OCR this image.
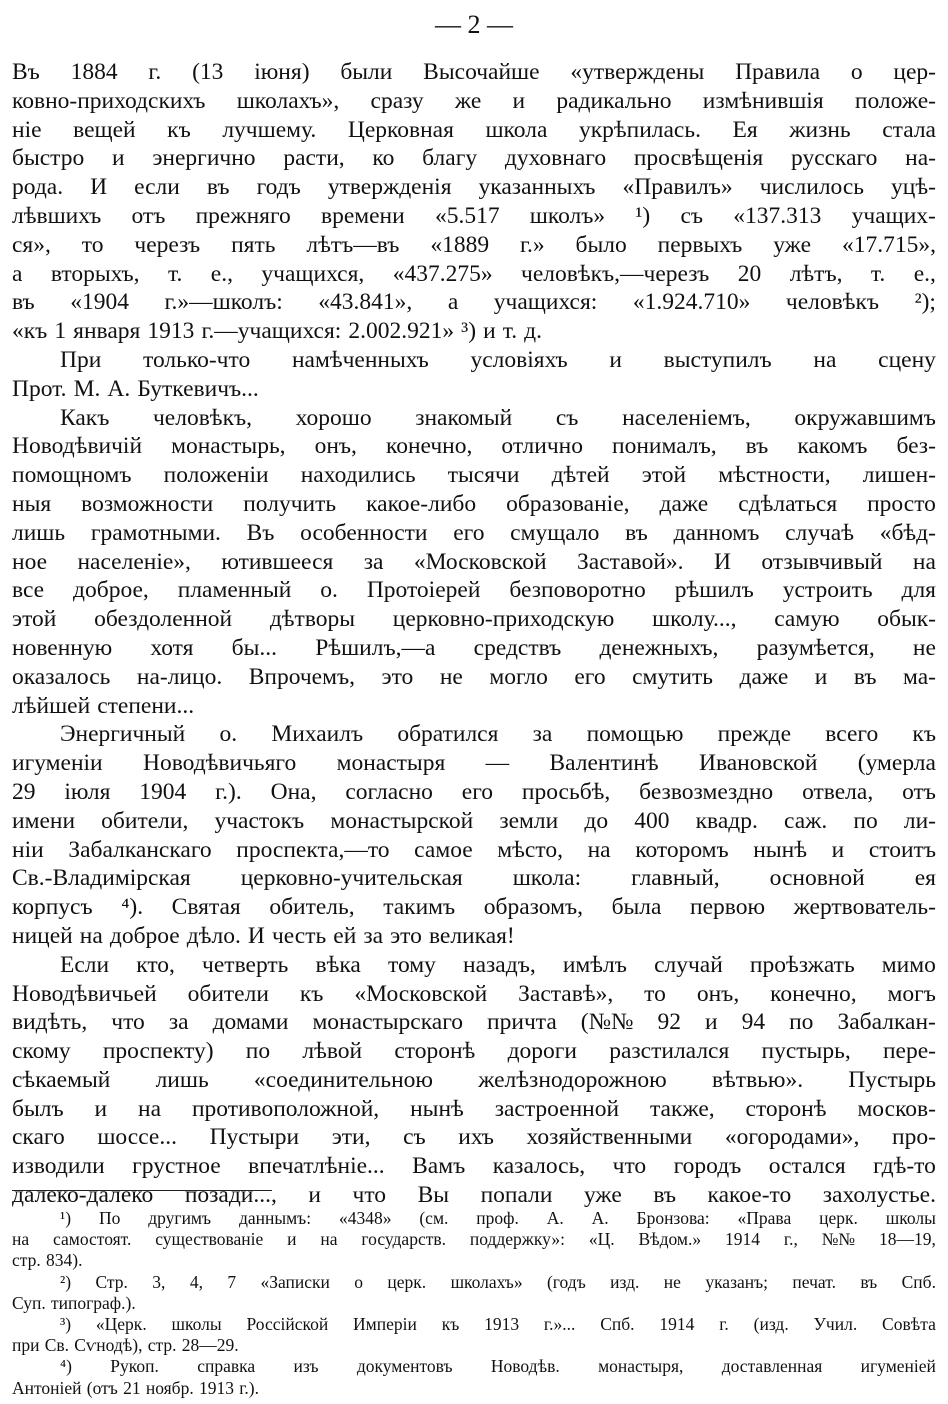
— 2 —
Въ 1884 г. (13 iюня) были Высочайше «утверждены Правила о цер-
ковно-приходскихъ школахъ», сразу же и радикально измѣнившiя положе-
нiе вещей къ лучшему. Церковная школа укрѣпилась. Ея жизнь стала
быстро и энергично расти, ко благу духовнаго просвѣщенiя русскаго на-
рода. И если въ годъ утвержденiя указанныхъ «Правилъ» числилось уцѣ-
лѣвшихъ отъ прежняго времени «5.517 школъ» ¹) съ «137.313 учащих-
ся», то черезъ пять лѣтъ—въ «1889 г.» было первыхъ уже «17.715»,
а вторыхъ, т. е., учащихся, «437.275» человѣкъ,—черезъ 20 лѣтъ, т. е.,
въ «1904 г.»—школъ: «43.841», а учащихся: «1.924.710» человѣкъ ²);
«къ 1 января 1913 г.—учащихся: 2.002.921» ³) и т. д.
При только-что намѣченныхъ условiяхъ и выступилъ на сцену
Прот. М. А. Буткевичъ...
Какъ человѣкъ, хорошо знакомый съ населенiемъ, окружавшимъ
Новодѣвичiй монастырь, онъ, конечно, отлично понималъ, въ какомъ без-
помощномъ положенiи находились тысячи дѣтей этой мѣстности, лишен-
ныя возможности получить какое-либо образованiе, даже сдѣлаться просто
лишь грамотными. Въ особенности его смущало въ данномъ случаѣ «бѣд-
ное населенiе», ютившееся за «Московской Заставой». И отзывчивый на
все доброе, пламенный о. Протоiерей безповоротно рѣшилъ устроить для
этой обездоленной дѣтворы церковно-приходскую школу..., самую обык-
новенную хотя бы... Рѣшилъ,—а средствъ денежныхъ, разумѣется, не
оказалось на-лицо. Впрочемъ, это не могло его смутить даже и въ ма-
лѣйшей степени...
Энергичный о. Михаилъ обратился за помощью прежде всего къ
игуменiи Новодѣвичьяго монастыря — Валентинѣ Ивановской (умерла
29 iюля 1904 г.). Она, согласно его просьбѣ, безвозмездно отвела, отъ
имени обители, участокъ монастырской земли до 400 квадр. саж. по ли-
нiи Забалканскаго проспекта,—то самое мѣсто, на которомъ нынѣ и стоитъ
Св.-Владимiрская церковно-учительская школа: главный, основной ея
корпусъ ⁴). Святая обитель, такимъ образомъ, была первою жертвователь-
ницей на доброе дѣло. И честь ей за это великая!
Если кто, четверть вѣка тому назадъ, имѣлъ случай проѣзжать мимо
Новодѣвичьей обители къ «Московской Заставѣ», то онъ, конечно, могъ
видѣть, что за домами монастырскаго причта (№№ 92 и 94 по Забалкан-
скому проспекту) по лѣвой сторонѣ дороги разстилался пустырь, пере-
сѣкаемый лишь «соединительною желѣзнодорожною вѣтвью». Пустырь
былъ и на противоположной, нынѣ застроенной также, сторонѣ москов-
скаго шоссе... Пустыри эти, съ ихъ хозяйственными «огородами», про-
изводили грустное впечатлѣнiе... Вамъ казалось, что городъ остался гдѣ-то
далеко-далеко позади..., и что Вы попали уже въ какое-то захолустье.
¹) По другимъ даннымъ: «4348» (см. проф. А. А. Бронзова: «Права церк. школы
на самостоят. существованiе и на государств. поддержку»: «Ц. Вѣдом.» 1914 г., №№ 18—19,
стр. 834).
²) Стр. 3, 4, 7 «Записки о церк. школахъ» (годъ изд. не указанъ; печат. въ Спб.
Суп. типограф.).
³) «Церк. школы Россiйской Имперiи къ 1913 г.»... Спб. 1914 г. (изд. Учил. Совѣта
при Св. Сѵнодѣ), стр. 28—29.
⁴) Рукоп. справка изъ документовъ Новодѣв. монастыря, доставленная игуменiей
Антонiей (отъ 21 ноябр. 1913 г.).
